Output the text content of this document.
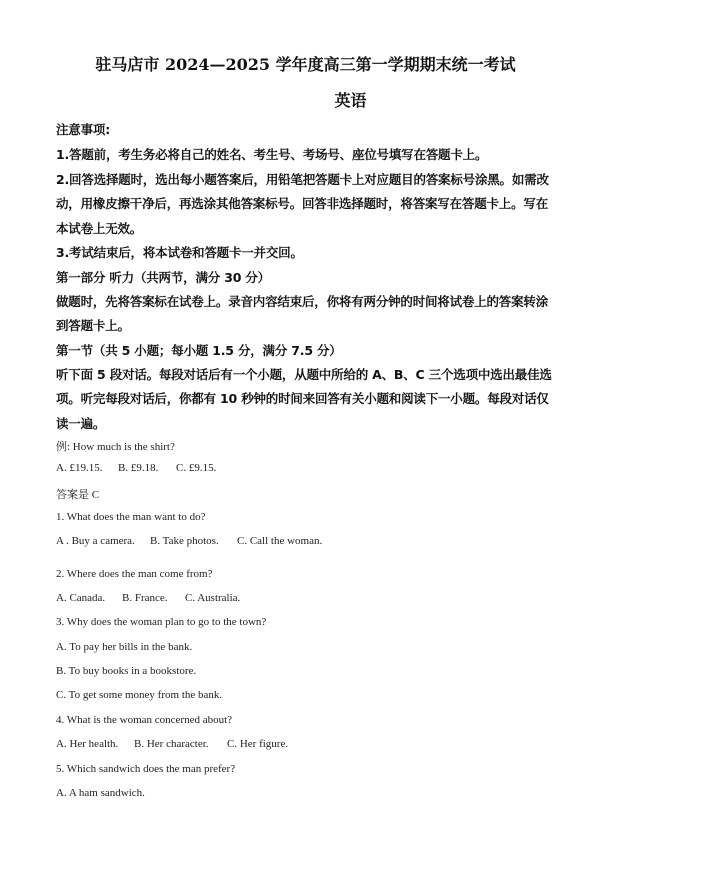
驻马店市 2024—2025 学年度高三第一学期期末统一考试
英语
注意事项:
1.答题前，考生务必将自己的姓名、考生号、考场号、座位号填写在答题卡上。
2.回答选择题时，选出每小题答案后，用铅笔把答题卡上对应题目的答案标号涂黑。如需改
动，用橡皮擦干净后，再选涂其他答案标号。回答非选择题时，将答案写在答题卡上。写在
本试卷上无效。
3.考试结束后，将本试卷和答题卡一并交回。
第一部分 听力（共两节，满分 30 分）
做题时，先将答案标在试卷上。录音内容结束后，你将有两分钟的时间将试卷上的答案转涂
到答题卡上。
第一节（共 5 小题；每小题 1.5 分，满分 7.5 分）
听下面 5 段对话。每段对话后有一个小题，从题中所给的 A、B、C 三个选项中选出最佳选
项。听完每段对话后，你都有 10 秒钟的时间来回答有关小题和阅读下一小题。每段对话仅
读一遍。
例: How much is the shirt?
A. £19.15. B. £9.18. C. £9.15.
答案是 C
1. What does the man want to do?
A . Buy a camera. B. Take photos. C. Call the woman.
2. Where does the man come from?
A. Canada. B. France. C. Australia.
3. Why does the woman plan to go to the town?
A. To pay her bills in the bank.
B. To buy books in a bookstore.
C. To get some money from the bank.
4. What is the woman concerned about?
A. Her health. B. Her character. C. Her figure.
5. Which sandwich does the man prefer?
A. A ham sandwich.
